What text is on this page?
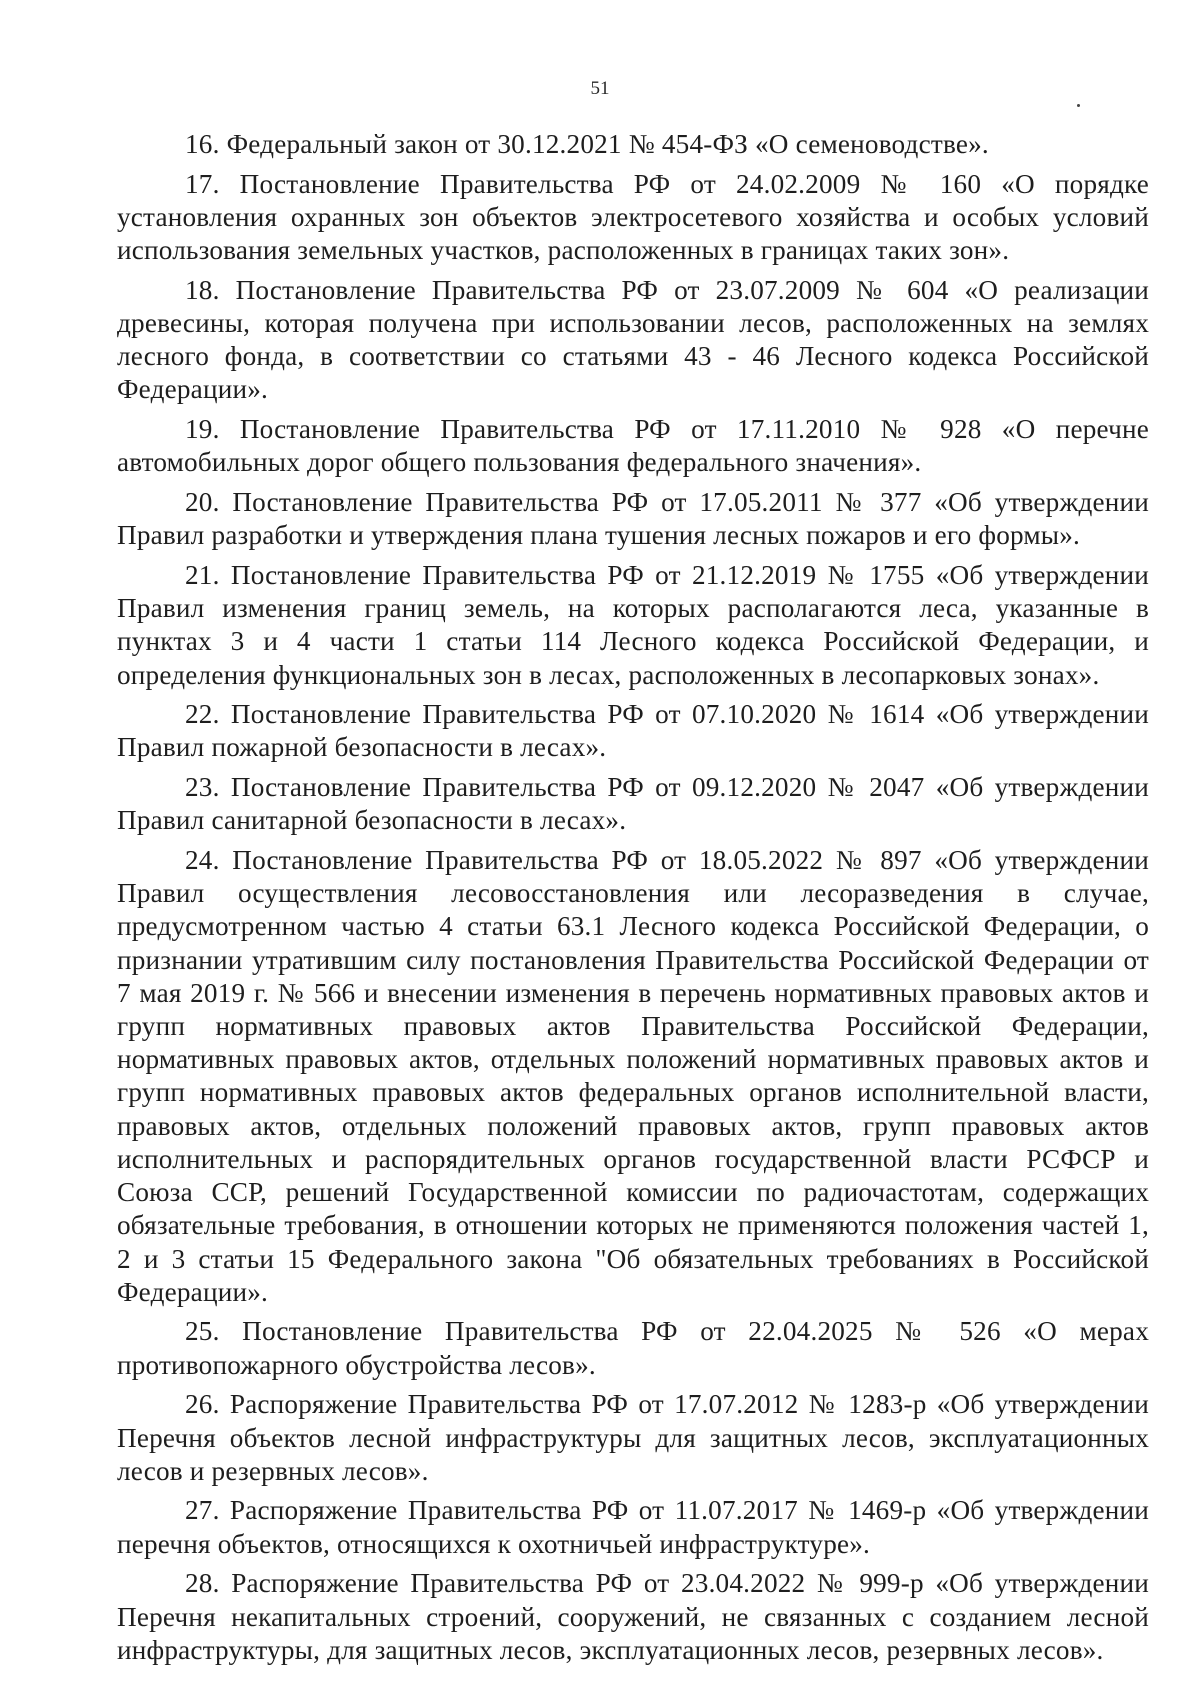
51

16. Федеральный закон от 30.12.2021 № 454-ФЗ «О семеноводстве».

17. Постановление Правительства РФ от 24.02.2009 № 160 «О порядке установления охранных зон объектов электросетевого хозяйства и особых условий использования земельных участков, расположенных в границах таких зон».

18. Постановление Правительства РФ от 23.07.2009 № 604 «О реализации древесины, которая получена при использовании лесов, расположенных на землях лесного фонда, в соответствии со статьями 43 - 46 Лесного кодекса Российской Федерации».

19. Постановление Правительства РФ от 17.11.2010 № 928 «О перечне автомобильных дорог общего пользования федерального значения».

20. Постановление Правительства РФ от 17.05.2011 № 377 «Об утверждении Правил разработки и утверждения плана тушения лесных пожаров и его формы».

21. Постановление Правительства РФ от 21.12.2019 № 1755 «Об утверждении Правил изменения границ земель, на которых располагаются леса, указанные в пунктах 3 и 4 части 1 статьи 114 Лесного кодекса Российской Федерации, и определения функциональных зон в лесах, расположенных в лесопарковых зонах».

22. Постановление Правительства РФ от 07.10.2020 № 1614 «Об утверждении Правил пожарной безопасности в лесах».

23. Постановление Правительства РФ от 09.12.2020 № 2047 «Об утверждении Правил санитарной безопасности в лесах».

24. Постановление Правительства РФ от 18.05.2022 № 897 «Об утверждении Правил осуществления лесовосстановления или лесоразведения в случае, предусмотренном частью 4 статьи 63.1 Лесного кодекса Российской Федерации, о признании утратившим силу постановления Правительства Российской Федерации от 7 мая 2019 г. № 566 и внесении изменения в перечень нормативных правовых актов и групп нормативных правовых актов Правительства Российской Федерации, нормативных правовых актов, отдельных положений нормативных правовых актов и групп нормативных правовых актов федеральных органов исполнительной власти, правовых актов, отдельных положений правовых актов, групп правовых актов исполнительных и распорядительных органов государственной власти РСФСР и Союза ССР, решений Государственной комиссии по радиочастотам, содержащих обязательные требования, в отношении которых не применяются положения частей 1, 2 и 3 статьи 15 Федерального закона "Об обязательных требованиях в Российской Федерации».

25. Постановление Правительства РФ от 22.04.2025 № 526 «О мерах противопожарного обустройства лесов».

26. Распоряжение Правительства РФ от 17.07.2012 № 1283-р «Об утверждении Перечня объектов лесной инфраструктуры для защитных лесов, эксплуатационных лесов и резервных лесов».

27. Распоряжение Правительства РФ от 11.07.2017 № 1469-р «Об утверждении перечня объектов, относящихся к охотничьей инфраструктуре».

28. Распоряжение Правительства РФ от 23.04.2022 № 999-р «Об утверждении Перечня некапитальных строений, сооружений, не связанных с созданием лесной инфраструктуры, для защитных лесов, эксплуатационных лесов, резервных лесов».
